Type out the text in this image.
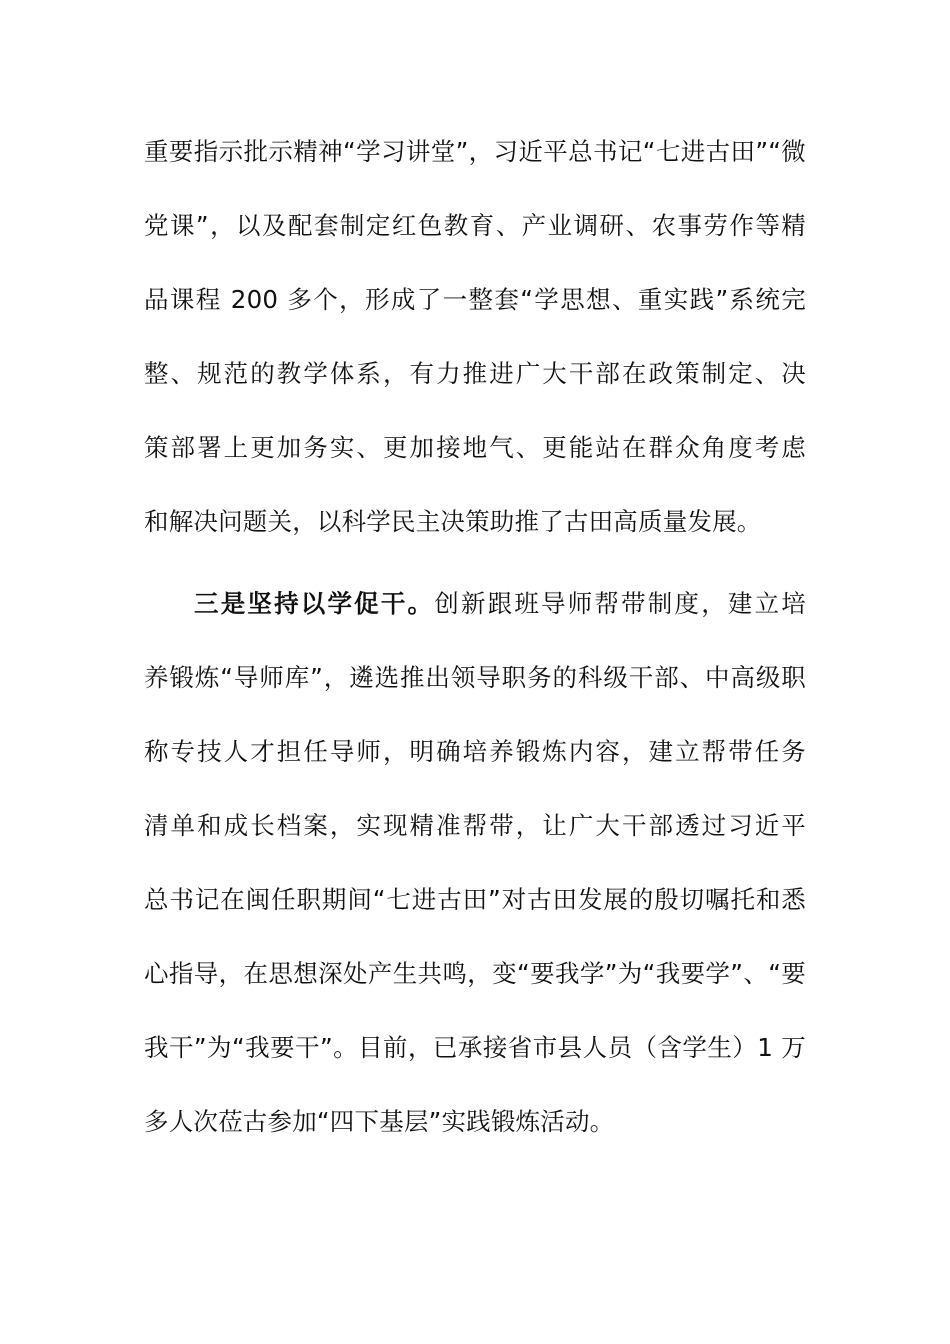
重要指示批示精神“学习讲堂”，习近平总书记“七进古田”“微
党课”，以及配套制定红色教育、产业调研、农事劳作等精
品课程 200 多个，形成了一整套“学思想、重实践”系统完
整、规范的教学体系，有力推进广大干部在政策制定、决
策部署上更加务实、更加接地气、更能站在群众角度考虑
和解决问题关，以科学民主决策助推了古田高质量发展。
三是坚持以学促干。创新跟班导师帮带制度，建立培
养锻炼“导师库”，遴选推出领导职务的科级干部、中高级职
称专技人才担任导师，明确培养锻炼内容，建立帮带任务
清单和成长档案，实现精准帮带，让广大干部透过习近平
总书记在闽任职期间“七进古田”对古田发展的殷切嘱托和悉
心指导，在思想深处产生共鸣，变“要我学”为“我要学”、“要
我干”为“我要干”。目前，已承接省市县人员（含学生）1 万
多人次莅古参加“四下基层”实践锻炼活动。
